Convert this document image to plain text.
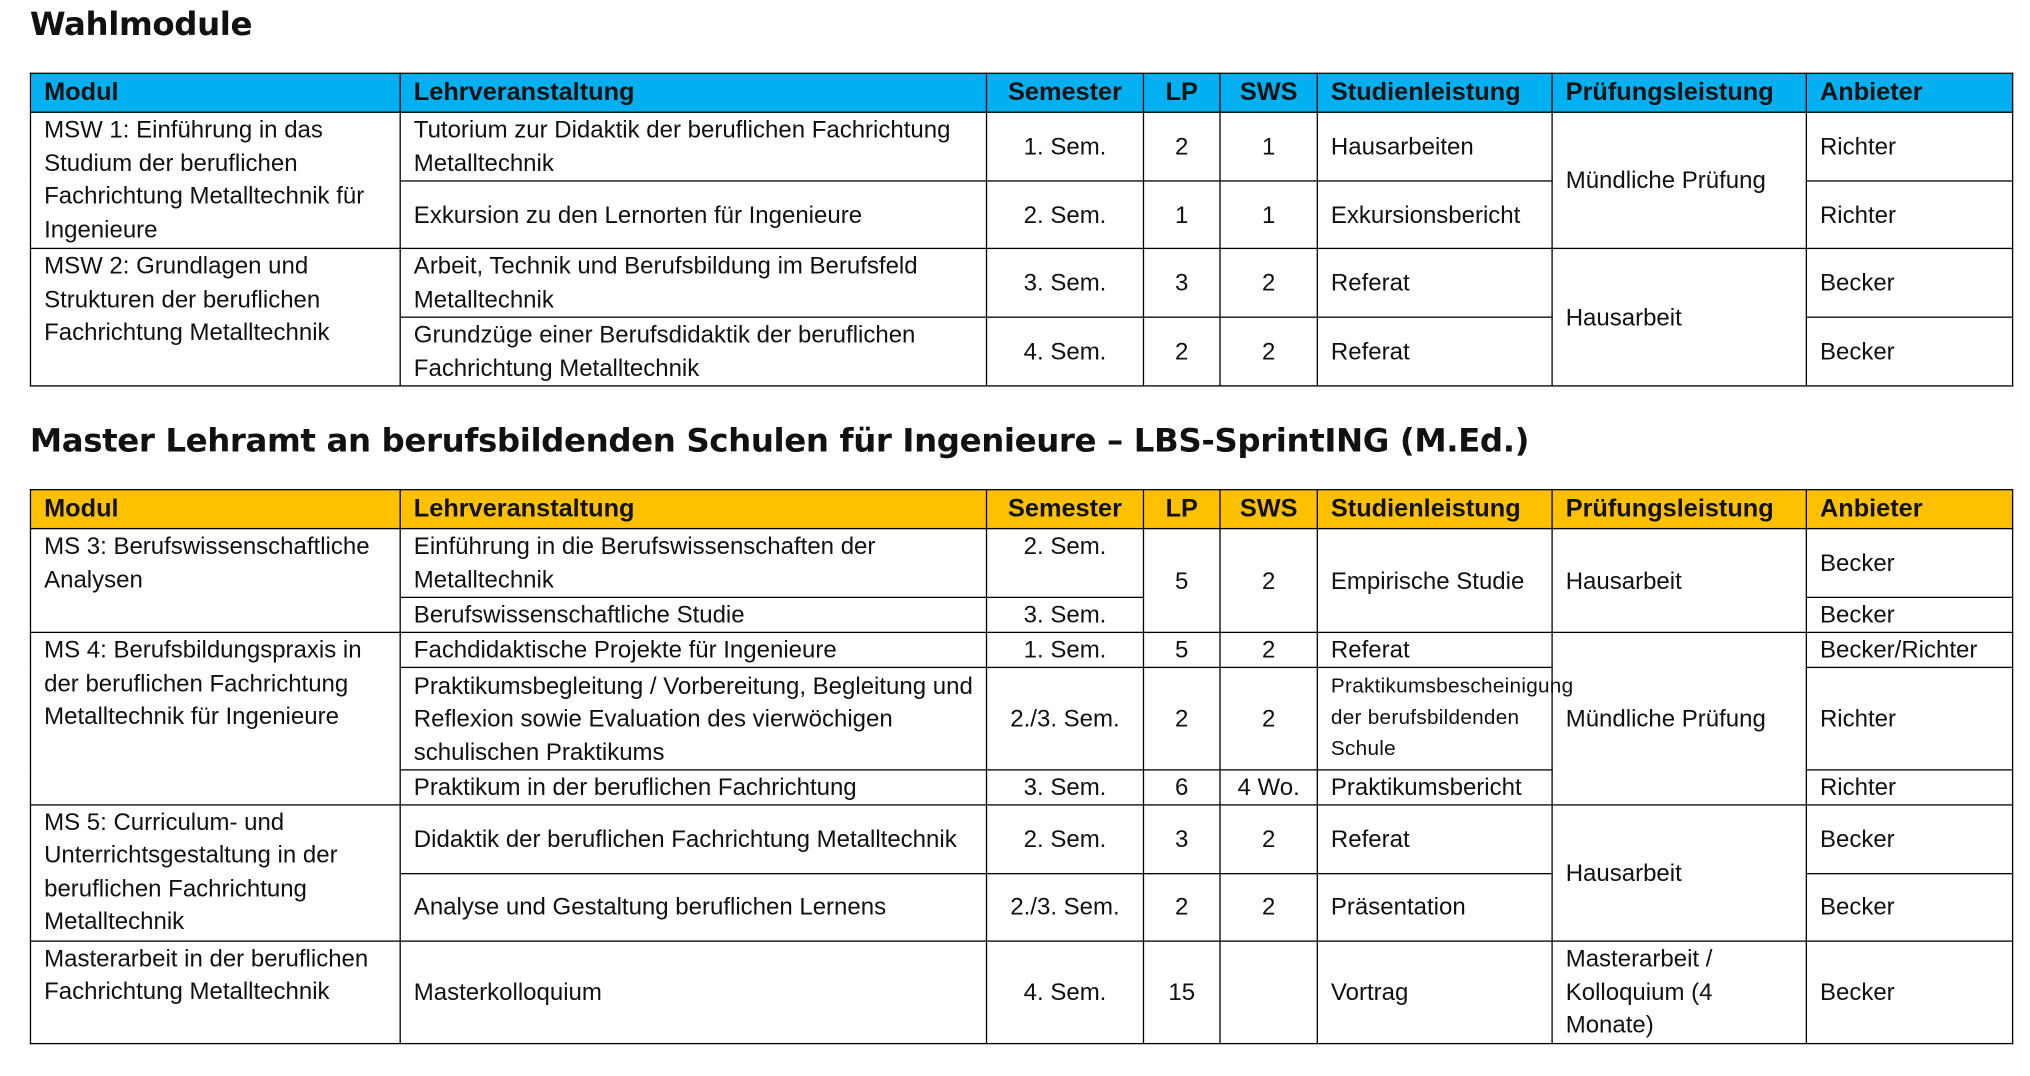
Wahlmodule
Modul	Lehrveranstaltung	Semester	LP	SWS	Studienleistung	Prüfungsleistung	Anbieter
MSW 1: Einführung in das Studium der beruflichen Fachrichtung Metalltechnik für Ingenieure	Tutorium zur Didaktik der beruflichen Fachrichtung Metalltechnik	1. Sem.	2	1	Hausarbeiten	Mündliche Prüfung	Richter
	Exkursion zu den Lernorten für Ingenieure	2. Sem.	1	1	Exkursionsbericht		Richter
MSW 2: Grundlagen und Strukturen der beruflichen Fachrichtung Metalltechnik	Arbeit, Technik und Berufsbildung im Berufsfeld Metalltechnik	3. Sem.	3	2	Referat	Hausarbeit	Becker
	Grundzüge einer Berufsdidaktik der beruflichen Fachrichtung Metalltechnik	4. Sem.	2	2	Referat		Becker
Master Lehramt an berufsbildenden Schulen für Ingenieure – LBS-SprintING (M.Ed.)
Modul	Lehrveranstaltung	Semester	LP	SWS	Studienleistung	Prüfungsleistung	Anbieter
MS 3: Berufswissenschaftliche Analysen	Einführung in die Berufswissenschaften der Metalltechnik	2. Sem.	5	2	Empirische Studie	Hausarbeit	Becker
	Berufswissenschaftliche Studie	3. Sem.					Becker
MS 4: Berufsbildungspraxis in der beruflichen Fachrichtung Metalltechnik für Ingenieure	Fachdidaktische Projekte für Ingenieure	1. Sem.	5	2	Referat	Mündliche Prüfung	Becker/Richter
	Praktikumsbegleitung / Vorbereitung, Begleitung und Reflexion sowie Evaluation des vierwöchigen schulischen Praktikums	2./3. Sem.	2	2	Praktikumsbescheinigung der berufsbildenden Schule		Richter
	Praktikum in der beruflichen Fachrichtung	3. Sem.	6	4 Wo.	Praktikumsbericht		Richter
MS 5: Curriculum- und Unterrichtsgestaltung in der beruflichen Fachrichtung Metalltechnik	Didaktik der beruflichen Fachrichtung Metalltechnik	2. Sem.	3	2	Referat	Hausarbeit	Becker
	Analyse und Gestaltung beruflichen Lernens	2./3. Sem.	2	2	Präsentation		Becker
Masterarbeit in der beruflichen Fachrichtung Metalltechnik	Masterkolloquium	4. Sem.	15		Vortrag	Masterarbeit / Kolloquium (4 Monate)	Becker
